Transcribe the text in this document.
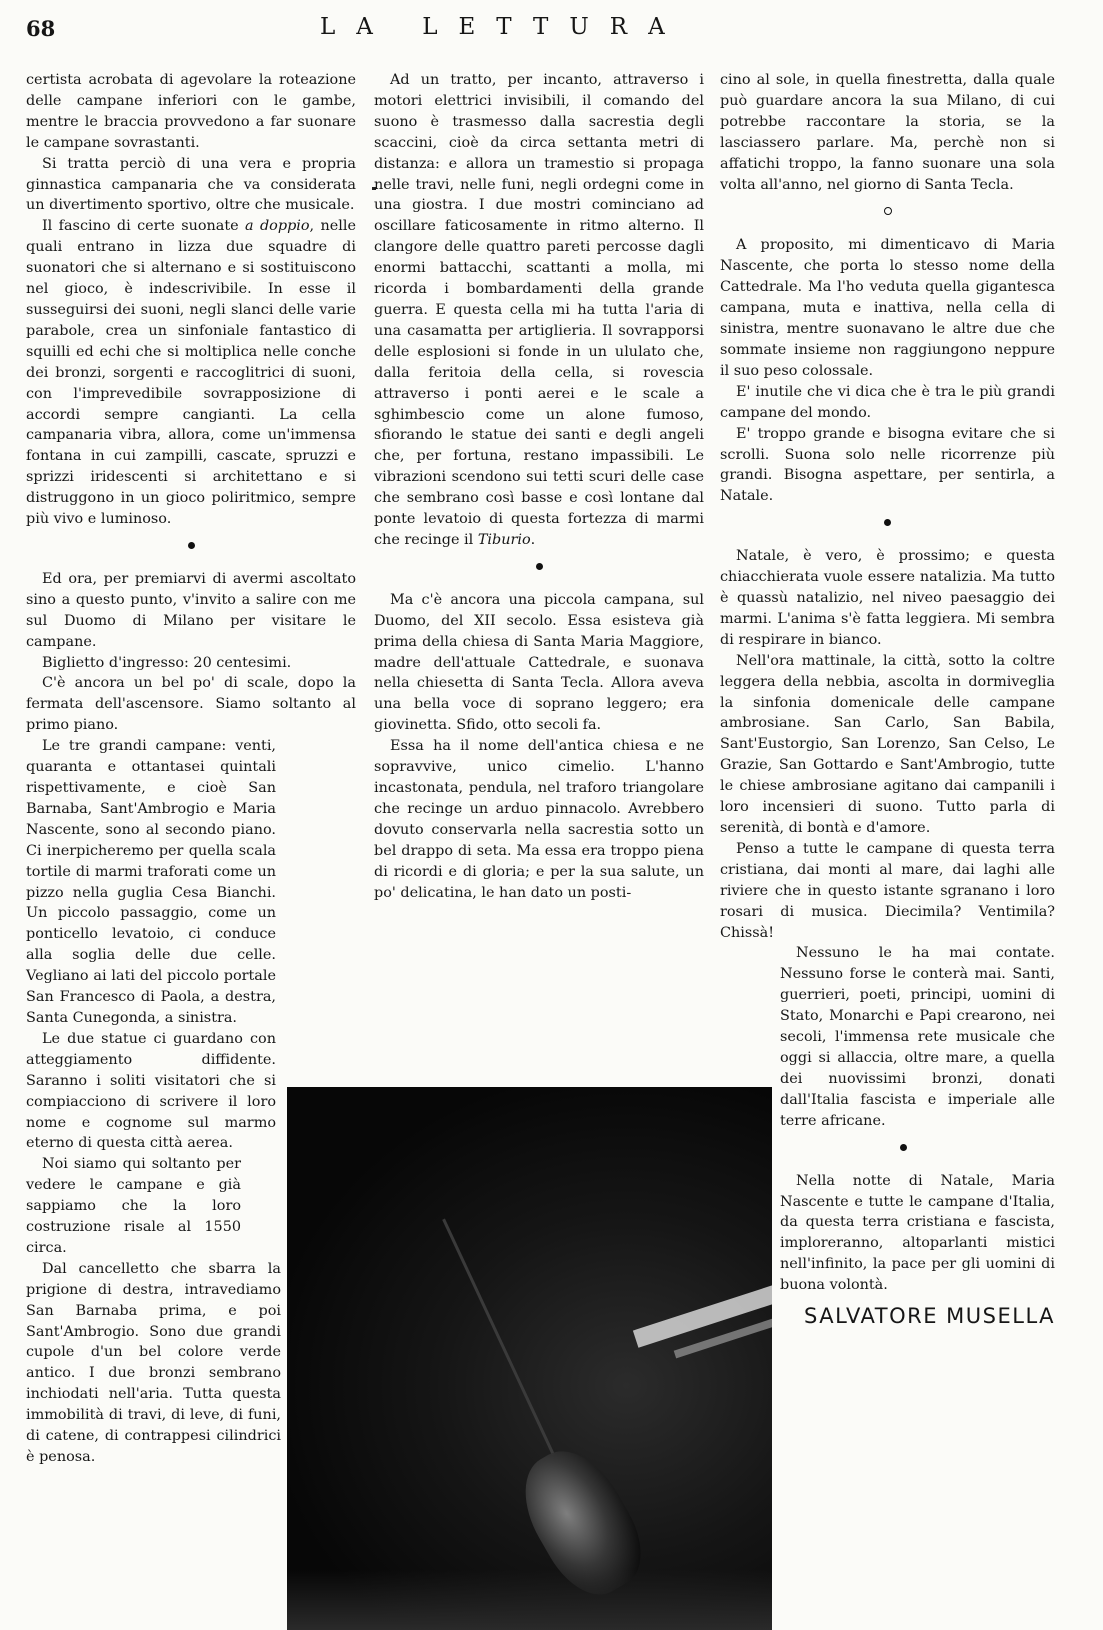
68	LA LETTURA

certista acrobata di agevolare la roteazione delle campane inferiori con le gambe, mentre le braccia provvedono a far suonare le campane sovrastanti.

Si tratta perciò di una vera e propria ginnastica campanaria che va considerata un divertimento sportivo, oltre che musicale.

Il fascino di certe suonate a doppio, nelle quali entrano in lizza due squadre di suonatori che si alternano e si sostituiscono nel gioco, è indescrivibile. In esse il susseguirsi dei suoni, negli slanci delle varie parabole, crea un sinfoniale fantastico di squilli ed echi che si moltiplica nelle conche dei bronzi, sorgenti e raccoglitrici di suoni, con l'imprevedibile sovrapposizione di accordi sempre cangianti. La cella campanaria vibra, allora, come un'immensa fontana in cui zampilli, cascate, spruzzi e sprizzi iridescenti si architettano e si distruggono in un gioco poliritmico, sempre più vivo e luminoso.

Ed ora, per premiarvi di avermi ascoltato sino a questo punto, v'invito a salire con me sul Duomo di Milano per visitare le campane.

Biglietto d'ingresso: 20 centesimi.

C'è ancora un bel po' di scale, dopo la fermata dell'ascensore. Siamo soltanto al primo piano.

Le tre grandi campane: venti, quaranta e ottantasei quintali rispettivamente, e cioè San Barnaba, Sant'Ambrogio e Maria Nascente, sono al secondo piano. Ci inerpicheremo per quella scala tortile di marmi traforati come un pizzo nella guglia Cesa Bianchi. Un piccolo passaggio, come un ponticello levatoio, ci conduce alla soglia delle due celle. Vegliano ai lati del piccolo portale San Francesco di Paola, a destra, Santa Cunegonda, a sinistra.

Le due statue ci guardano con atteggiamento diffidente. Saranno i soliti visitatori che si compiacciono di scrivere il loro nome e cognome sul marmo eterno di questa città aerea.

Noi siamo qui soltanto per vedere le campane e già sappiamo che la loro costruzione risale al 1550 circa.

Dal cancelletto che sbarra la prigione di destra, intravediamo San Barnaba prima, e poi Sant'Ambrogio. Sono due grandi cupole d'un bel colore verde antico. I due bronzi sembrano inchiodati nell'aria. Tutta questa immobilità di travi, di leve, di funi, di catene, di contrappesi cilindrici è penosa.

Ad un tratto, per incanto, attraverso i motori elettrici invisibili, il comando del suono è trasmesso dalla sacrestia degli scaccini, cioè da circa settanta metri di distanza: e allora un tramestio si propaga nelle travi, nelle funi, negli ordegni come in una giostra. I due mostri cominciano ad oscillare faticosamente in ritmo alterno. Il clangore delle quattro pareti percosse dagli enormi battacchi, scattanti a molla, mi ricorda i bombardamenti della grande guerra. E questa cella mi ha tutta l'aria di una casamatta per artiglieria. Il sovrapporsi delle esplosioni si fonde in un ululato che, dalla feritoia della cella, si rovescia attraverso i ponti aerei e le scale a sghimbescio come un alone fumoso, sfiorando le statue dei santi e degli angeli che, per fortuna, restano impassibili. Le vibrazioni scendono sui tetti scuri delle case che sembrano così basse e così lontane dal ponte levatoio di questa fortezza di marmi che recinge il Tiburio.

Ma c'è ancora una piccola campana, sul Duomo, del XII secolo. Essa esisteva già prima della chiesa di Santa Maria Maggiore, madre dell'attuale Cattedrale, e suonava nella chiesetta di Santa Tecla. Allora aveva una bella voce di soprano leggero; era giovinetta. Sfido, otto secoli fa.

Essa ha il nome dell'antica chiesa e ne sopravvive, unico cimelio. L'hanno incastonata, pendula, nel traforo triangolare che recinge un arduo pinnacolo. Avrebbero dovuto conservarla nella sacrestia sotto un bel drappo di seta. Ma essa era troppo piena di ricordi e di gloria; e per la sua salute, un po' delicatina, le han dato un posti-

cino al sole, in quella finestretta, dalla quale può guardare ancora la sua Milano, di cui potrebbe raccontare la storia, se la lasciassero parlare. Ma, perchè non si affatichi troppo, la fanno suonare una sola volta all'anno, nel giorno di Santa Tecla.

A proposito, mi dimenticavo di Maria Nascente, che porta lo stesso nome della Cattedrale. Ma l'ho veduta quella gigantesca campana, muta e inattiva, nella cella di sinistra, mentre suonavano le altre due che sommate insieme non raggiungono neppure il suo peso colossale.

E' inutile che vi dica che è tra le più grandi campane del mondo.

E' troppo grande e bisogna evitare che si scrolli. Suona solo nelle ricorrenze più grandi. Bisogna aspettare, per sentirla, a Natale.

Natale, è vero, è prossimo; e questa chiacchierata vuole essere natalizia. Ma tutto è quassù natalizio, nel niveo paesaggio dei marmi. L'anima s'è fatta leggiera. Mi sembra di respirare in bianco.

Nell'ora mattinale, la città, sotto la coltre leggera della nebbia, ascolta in dormiveglia la sinfonia domenicale delle campane ambrosiane. San Carlo, San Babila, Sant'Eustorgio, San Lorenzo, San Celso, Le Grazie, San Gottardo e Sant'Ambrogio, tutte le chiese ambrosiane agitano dai campanili i loro incensieri di suono. Tutto parla di serenità, di bontà e d'amore.

Penso a tutte le campane di questa terra cristiana, dai monti al mare, dai laghi alle riviere che in questo istante sgranano i loro rosari di musica. Diecimila? Ventimila? Chissà!

Nessuno le ha mai contate. Nessuno forse le conterà mai. Santi, guerrieri, poeti, principi, uomini di Stato, Monarchi e Papi crearono, nei secoli, l'immensa rete musicale che oggi si allaccia, oltre mare, a quella dei nuovissimi bronzi, donati dall'Italia fascista e imperiale alle terre africane.

Nella notte di Natale, Maria Nascente e tutte le campane d'Italia, da questa terra cristiana e fascista, imploreranno, altoparlanti mistici nell'infinito, la pace per gli uomini di buona volontà.

SALVATORE MUSELLA
